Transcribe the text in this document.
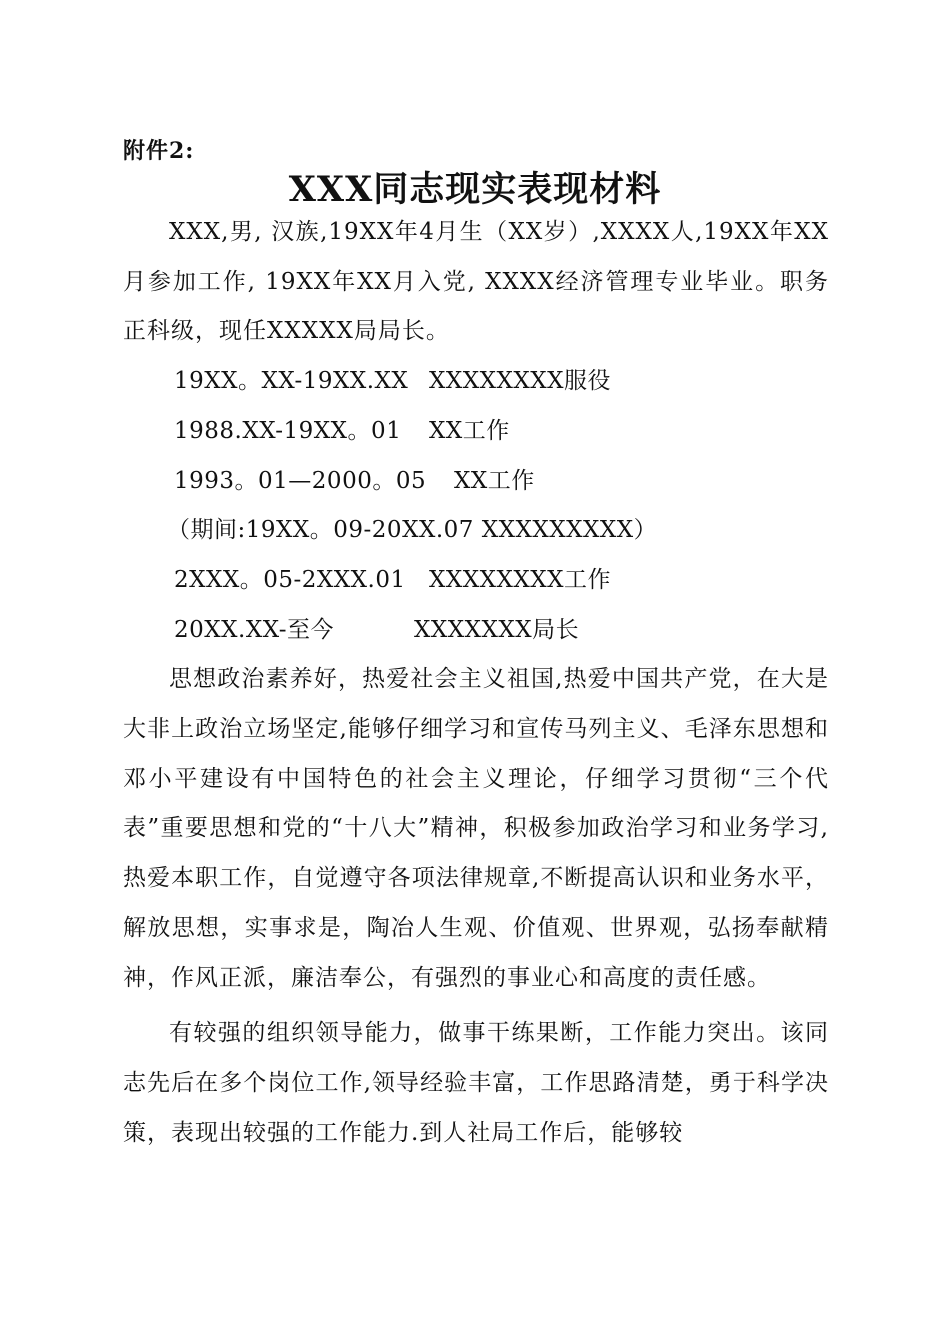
附件2:
XXX同志现实表现材料

XXX,男, 汉族,19XX年4月生（XX岁）,XXXX人,19XX年XX月参加工作, 19XX年XX月入党, XXXX经济管理专业毕业。职务正科级，现任XXXXX局局长。

19XX。XX-19XX.XX XXXXXXXX服役

1988.XX-19XX。01 XX工作

1993。01—2000。05 XX工作

（期间:19XX。09-20XX.07 XXXXXXXXX）

2XXX。05-2XXX.01 XXXXXXXX工作

20XX.XX-至今	XXXXXXX局长

思想政治素养好，热爱社会主义祖国,热爱中国共产党，在大是大非上政治立场坚定,能够仔细学习和宣传马列主义、毛泽东思想和邓小平建设有中国特色的社会主义理论，仔细学习贯彻“三个代表”重要思想和党的“十八大”精神，积极参加政治学习和业务学习,热爱本职工作，自觉遵守各项法律规章,不断提高认识和业务水平，解放思想，实事求是，陶冶人生观、价值观、世界观，弘扬奉献精神，作风正派，廉洁奉公，有强烈的事业心和高度的责任感。

有较强的组织领导能力，做事干练果断，工作能力突出。该同志先后在多个岗位工作,领导经验丰富，工作思路清楚，勇于科学决策，表现出较强的工作能力.到人社局工作后，能够较
